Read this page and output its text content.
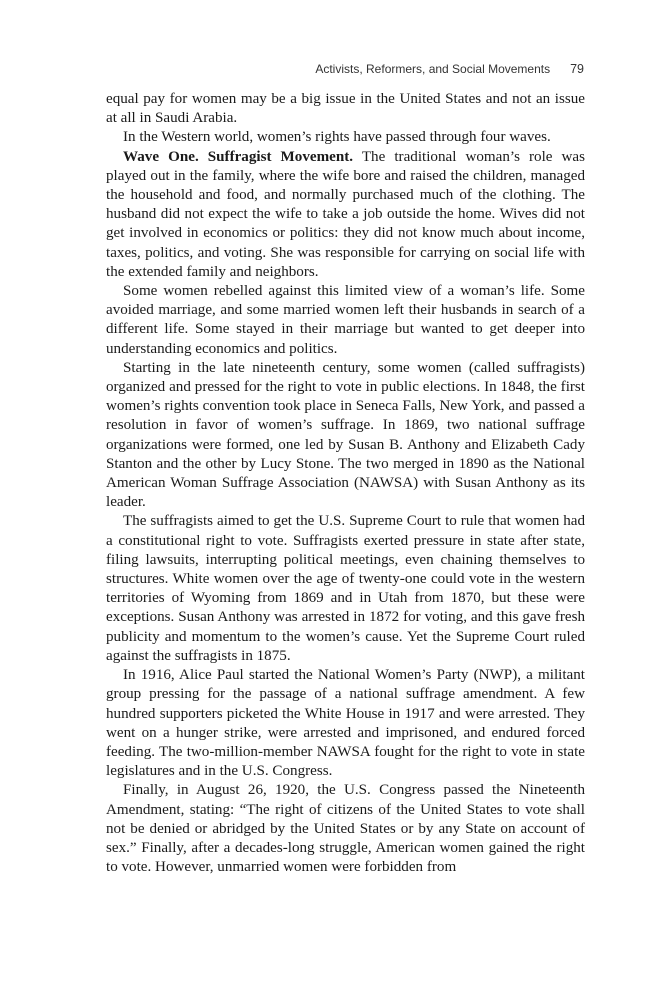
Activists, Reformers, and Social Movements 79

equal pay for women may be a big issue in the United States and not an issue at all in Saudi Arabia.

In the Western world, women’s rights have passed through four waves.

Wave One. Suffragist Movement. The traditional woman’s role was played out in the family, where the wife bore and raised the children, managed the household and food, and normally purchased much of the clothing. The husband did not expect the wife to take a job outside the home. Wives did not get involved in economics or politics: they did not know much about income, taxes, politics, and voting. She was responsible for carrying on social life with the extended family and neighbors.

Some women rebelled against this limited view of a woman’s life. Some avoided marriage, and some married women left their husbands in search of a different life. Some stayed in their marriage but wanted to get deeper into understanding economics and politics.

Starting in the late nineteenth century, some women (called suffragists) organized and pressed for the right to vote in public elections. In 1848, the first women’s rights convention took place in Seneca Falls, New York, and passed a resolution in favor of women’s suffrage. In 1869, two national suffrage organizations were formed, one led by Susan B. Anthony and Elizabeth Cady Stanton and the other by Lucy Stone. The two merged in 1890 as the National American Woman Suffrage Association (NAWSA) with Susan Anthony as its leader.

The suffragists aimed to get the U.S. Supreme Court to rule that women had a constitutional right to vote. Suffragists exerted pressure in state after state, filing lawsuits, interrupting political meetings, even chaining themselves to structures. White women over the age of twenty-one could vote in the western territories of Wyoming from 1869 and in Utah from 1870, but these were exceptions. Susan Anthony was arrested in 1872 for voting, and this gave fresh publicity and momentum to the women’s cause. Yet the Supreme Court ruled against the suffragists in 1875.

In 1916, Alice Paul started the National Women’s Party (NWP), a militant group pressing for the passage of a national suffrage amendment. A few hundred supporters picketed the White House in 1917 and were arrested. They went on a hunger strike, were arrested and imprisoned, and endured forced feeding. The two-million-member NAWSA fought for the right to vote in state legislatures and in the U.S. Congress.

Finally, in August 26, 1920, the U.S. Congress passed the Nineteenth Amendment, stating: “The right of citizens of the United States to vote shall not be denied or abridged by the United States or by any State on account of sex.” Finally, after a decades-long struggle, American women gained the right to vote. However, unmarried women were forbidden from
